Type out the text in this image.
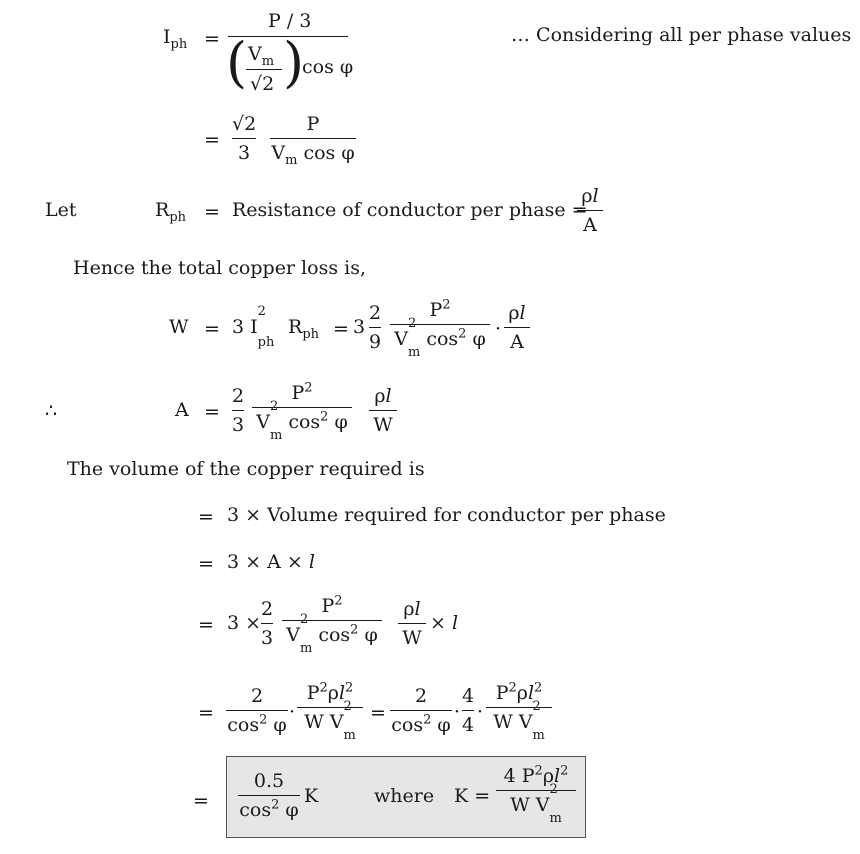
$I_{ph}$ =
P / 3
( $V_m$
√2 )
cos φ
… Considering all per phase values
=
√2
3
P
$V_m$ cos φ
Let	$R_{ph}$ = Resistance of conductor per phase =
ρl
A
Hence the total copper loss is,
W = 3 I
2
$_{ph}$
$R_{ph} = 3$
2
9
$P^2$
V
2
$_m$ $\cos^2 \varphi$ ·
ρl
A
∴	A =
2
3
$P^2$
V
2
$_m$ $\cos^2 \varphi$
ρl
W
The volume of the copper required is
= 3 × Volume required for conductor per phase
= 3 × A × l
= 3 ×
2
3
$P^2$
V
2
$_m$ $\cos^2 \varphi$
ρl
W
× l
=
2
$\cos^2 \varphi$
·
$P^2\rho l^2$
W V
2
$_m$
=
2
$\cos^2 \varphi$
·
4
4
·
$P^2\rho l^2$
W V
2
$_m$
=
0.5
$\cos^2 \varphi$
K	where K =
4 $P^2\rho l^2$
W V
2
$_m$
